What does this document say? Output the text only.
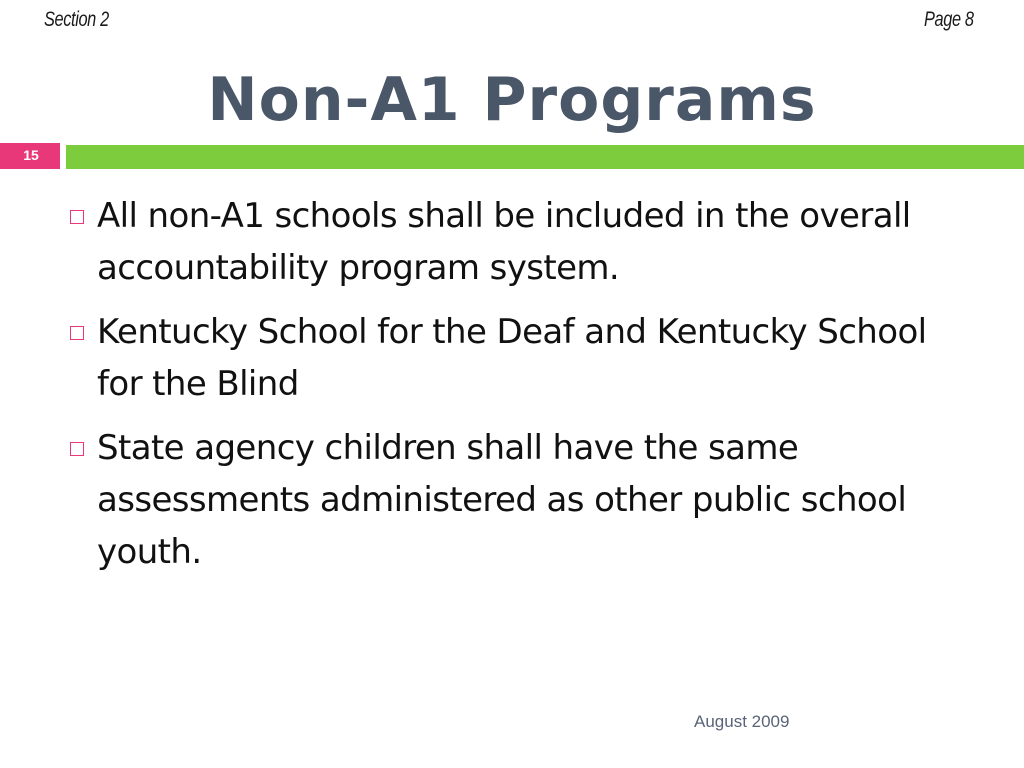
Section 2	Page 8
Non-A1 Programs
15
All non-A1 schools shall be included in the overall accountability program system.
Kentucky School for the Deaf and Kentucky School for the Blind
State agency children shall have the same assessments administered as other public school youth.
August 2009
